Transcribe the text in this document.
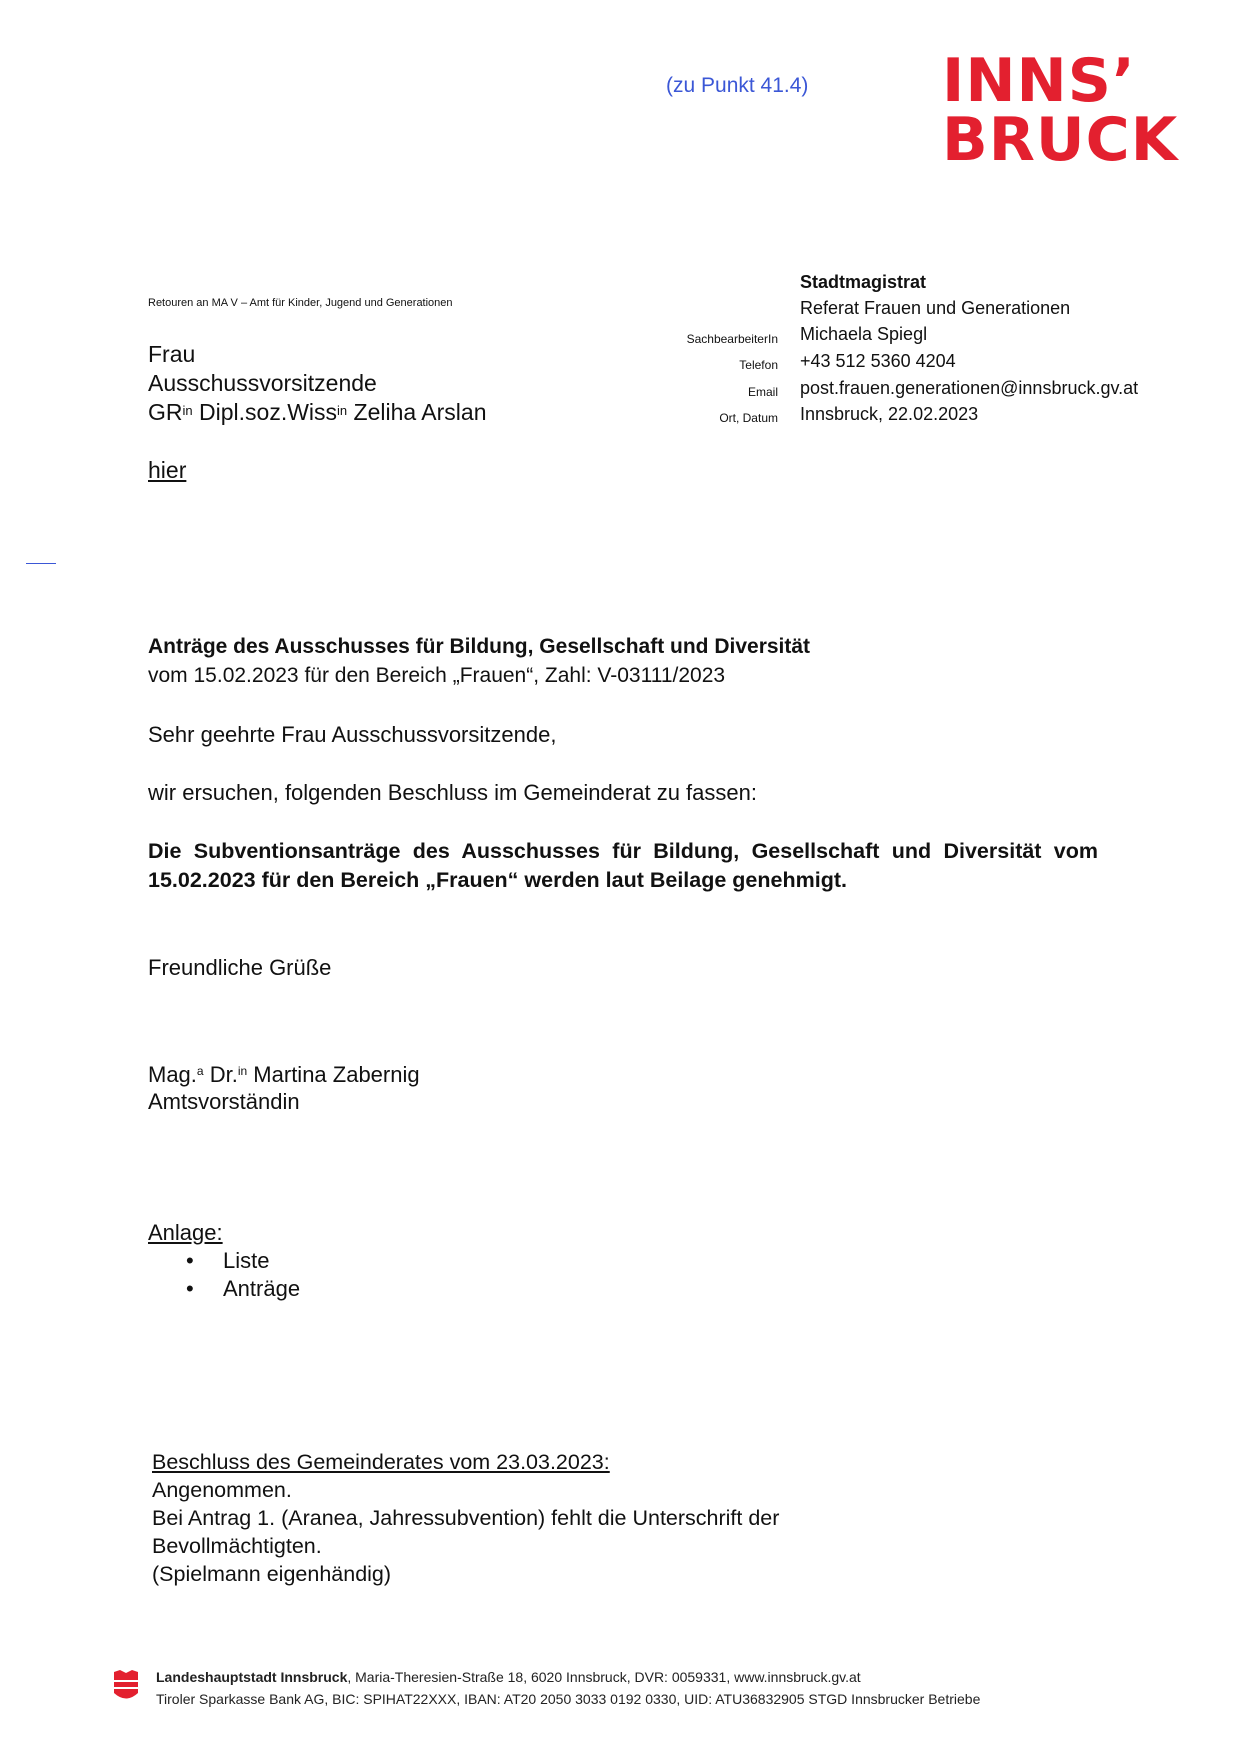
(zu Punkt 41.4) INNS’
BRUCK
Retouren an MA V – Amt für Kinder, Jugend und Generationen
Frau
Ausschussvorsitzende
$GR^{in}$ Dipl.soz.Wiss$^{in}$ Zeliha Arslan
hier
Stadtmagistrat
Referat Frauen und Generationen
SachbearbeiterIn Michaela Spiegl
Telefon +43 512 5360 4204
Email post.frauen.generationen@innsbruck.gv.at
Ort, Datum Innsbruck, 22.02.2023
Anträge des Ausschusses für Bildung, Gesellschaft und Diversität
vom 15.02.2023 für den Bereich „Frauen“, Zahl: V-03111/2023
Sehr geehrte Frau Ausschussvorsitzende,
wir ersuchen, folgenden Beschluss im Gemeinderat zu fassen:
Die Subventionsanträge des Ausschusses für Bildung, Gesellschaft und Diversität vom 15.02.2023 für den Bereich „Frauen“ werden laut Beilage genehmigt.
Freundliche Grüße
Mag.$^a$ Dr.$^{in}$ Martina Zabernig
Amtsvorständin
Anlage:
• Liste
• Anträge
Beschluss des Gemeinderates vom 23.03.2023:
Angenommen.
Bei Antrag 1. (Aranea, Jahressubvention) fehlt die Unterschrift der
Bevollmächtigten.
(Spielmann eigenhändig)
Landeshauptstadt Innsbruck, Maria-Theresien-Straße 18, 6020 Innsbruck, DVR: 0059331, www.innsbruck.gv.at
Tiroler Sparkasse Bank AG, BIC: SPIHAT22XXX, IBAN: AT20 2050 3033 0192 0330, UID: ATU36832905 STGD Innsbrucker Betriebe
